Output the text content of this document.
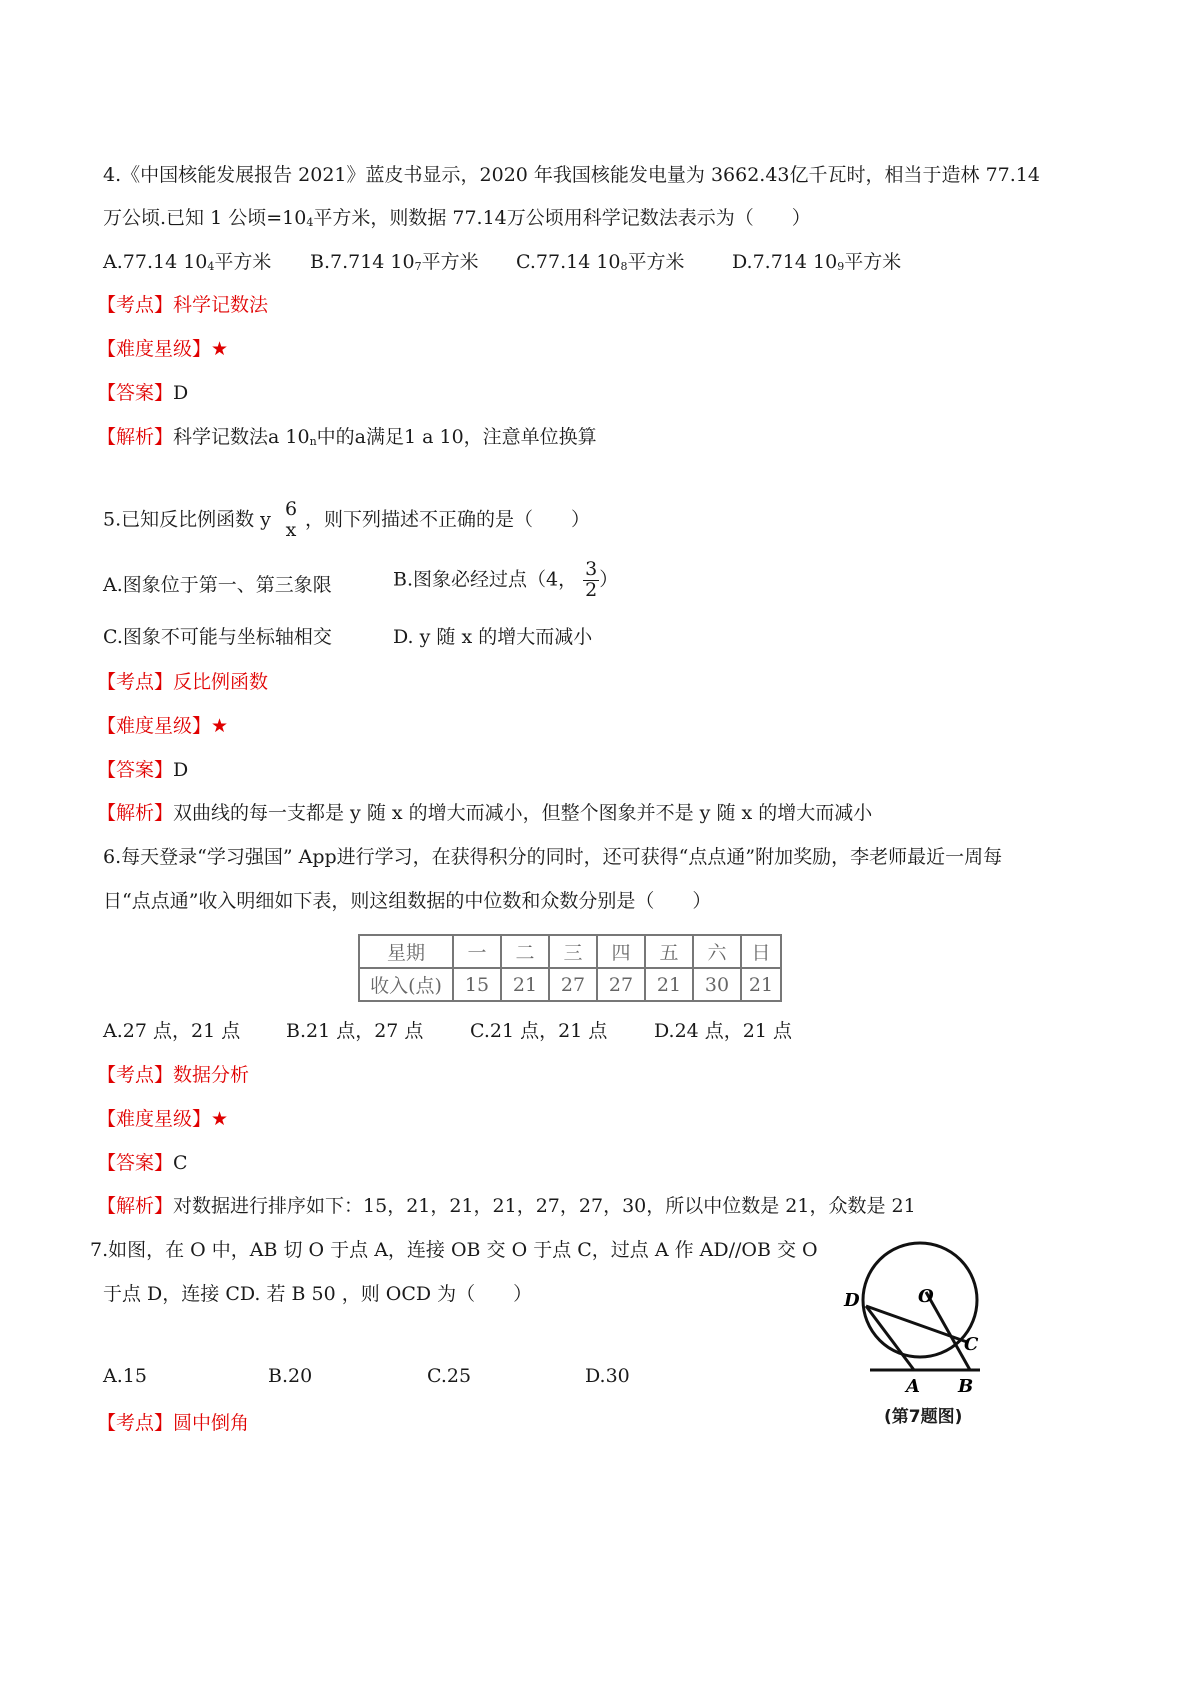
4.《中国核能发展报告 2021》蓝皮书显示，2020 年我国核能发电量为 3662.43亿千瓦时，相当于造林 77.14
万公顷.已知 1 公顷=104平方米，则数据 77.14万公顷用科学记数法表示为（　　）
A.77.14 104平方米 B.7.714 107平方米 C.77.14 108平方米 D.7.714 109平方米
【考点】科学记数法
【难度星级】★
【答案】D
【解析】科学记数法a 10n中的a满足1 a 10，注意单位换算
5.已知反比例函数 y 6
x ，则下列描述不正确的是（　　）
A.图象位于第一、第三象限	B.图象必经过点（4， $\frac{3}{2}$ ）
C.图象不可能与坐标轴相交	D. y 随 x 的增大而减小
【考点】反比例函数
【难度星级】★
【答案】D
【解析】双曲线的每一支都是 y 随 x 的增大而减小，但整个图象并不是 y 随 x 的增大而减小
6.每天登录“学习强国” App进行学习，在获得积分的同时，还可获得“点点通”附加奖励，李老师最近一周每
日“点点通”收入明细如下表，则这组数据的中位数和众数分别是（　　）
星期	一	二	三	四	五	六	日
收入(点)	15	21	27	27	21	30	21
A.27 点，21 点 B.21 点，27 点 C.21 点，21 点 D.24 点，21 点
【考点】数据分析
【难度星级】★
【答案】C
【解析】对数据进行排序如下：15，21，21，21，27，27，30，所以中位数是 21，众数是 21
7.如图，在 O 中，AB 切 O 于点 A，连接 OB 交 O 于点 C，过点 A 作 AD//OB 交 O
于点 D，连接 CD. 若 B 50 ，则 OCD 为（　　）
A.15	B.20	C.25	D.30
【考点】圆中倒角
D	O
C
A B
(第7题图)
